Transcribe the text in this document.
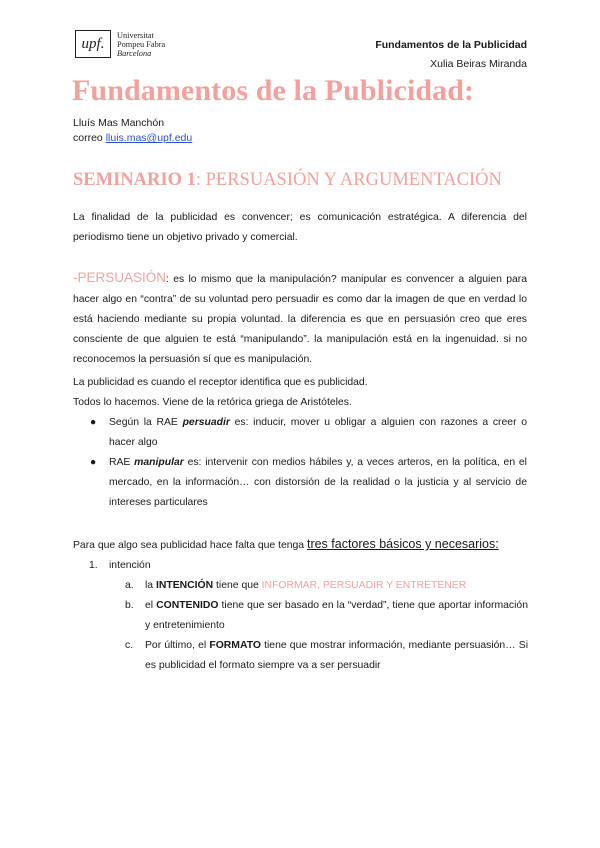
upf.
Universitat
Pompeu Fabra
Barcelona
Fundamentos de la Publicidad
Xulia Beiras Miranda
Fundamentos de la Publicidad:
Lluís Mas Manchón
correo lluis.mas@upf.edu
SEMINARIO 1: PERSUASIÓN Y ARGUMENTACIÓN

La finalidad de la publicidad es convencer; es comunicación estratégica. A diferencia del periodismo tiene un objetivo privado y comercial.

-PERSUASIÓN: es lo mismo que la manipulación? manipular es convencer a alguien para hacer algo en “contra” de su voluntad pero persuadir es como dar la imagen de que en verdad lo está haciendo mediante su propia voluntad. la diferencia es que en persuasión creo que eres consciente de que alguien te está “manipulando”. la manipulación está en la ingenuidad. si no reconocemos la persuasión sí que es manipulación.

La publicidad es cuando el receptor identifica que es publicidad.

Todos lo hacemos. Viene de la retórica griega de Aristóteles.

● Según la RAE persuadir es: inducir, mover u obligar a alguien con razones a creer o hacer algo
● RAE manipular es: intervenir con medios hábiles y, a veces arteros, en la política, en el mercado, en la información… con distorsión de la realidad o la justicia y al servicio de intereses particulares

Para que algo sea publicidad hace falta que tenga tres factores básicos y necesarios:

1. intención
a. la INTENCIÓN tiene que INFORMAR, PERSUADIR Y ENTRETENER
b. el CONTENIDO tiene que ser basado en la “verdad”, tiene que aportar información y entretenimiento
c. Por último, el FORMATO tiene que mostrar información, mediante persuasión… Si es publicidad el formato siempre va a ser persuadir
